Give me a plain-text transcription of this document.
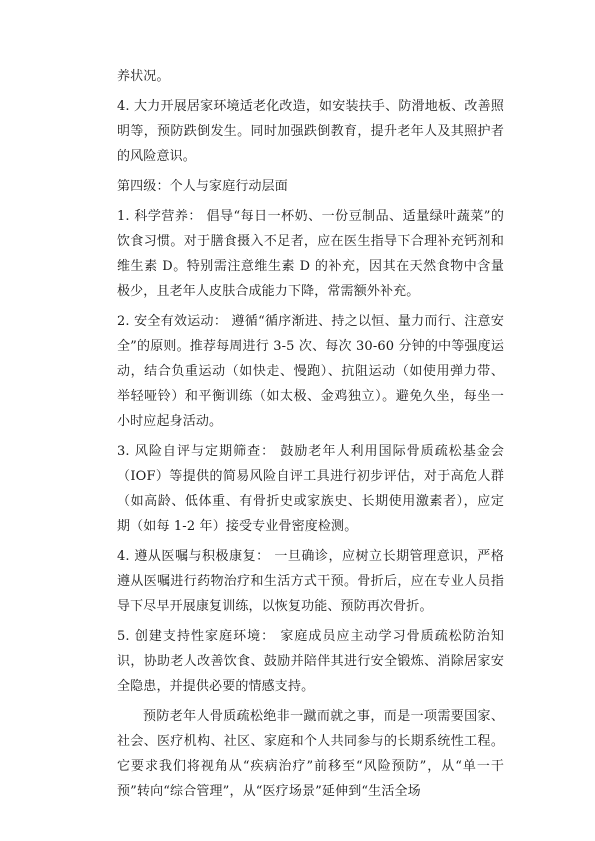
养状况。

4. 大力开展居家环境适老化改造，如安装扶手、防滑地板、改善照明等，预防跌倒发生。同时加强跌倒教育，提升老年人及其照护者的风险意识。

第四级：个人与家庭行动层面

1. 科学营养： 倡导“每日一杯奶、一份豆制品、适量绿叶蔬菜”的饮食习惯。对于膳食摄入不足者，应在医生指导下合理补充钙剂和维生素 D。特别需注意维生素 D 的补充，因其在天然食物中含量极少，且老年人皮肤合成能力下降，常需额外补充。

2. 安全有效运动： 遵循“循序渐进、持之以恒、量力而行、注意安全”的原则。推荐每周进行 3-5 次、每次 30-60 分钟的中等强度运动，结合负重运动（如快走、慢跑）、抗阻运动（如使用弹力带、举轻哑铃）和平衡训练（如太极、金鸡独立）。避免久坐，每坐一小时应起身活动。

3. 风险自评与定期筛查： 鼓励老年人利用国际骨质疏松基金会（IOF）等提供的简易风险自评工具进行初步评估，对于高危人群（如高龄、低体重、有骨折史或家族史、长期使用激素者），应定期（如每 1-2 年）接受专业骨密度检测。

4. 遵从医嘱与积极康复： 一旦确诊，应树立长期管理意识，严格遵从医嘱进行药物治疗和生活方式干预。骨折后，应在专业人员指导下尽早开展康复训练，以恢复功能、预防再次骨折。

5. 创建支持性家庭环境： 家庭成员应主动学习骨质疏松防治知识，协助老人改善饮食、鼓励并陪伴其进行安全锻炼、消除居家安全隐患，并提供必要的情感支持。

预防老年人骨质疏松绝非一蹴而就之事，而是一项需要国家、社会、医疗机构、社区、家庭和个人共同参与的长期系统性工程。它要求我们将视角从“疾病治疗”前移至“风险预防”，从“单一干预”转向“综合管理”，从“医疗场景”延伸到“生活全场
